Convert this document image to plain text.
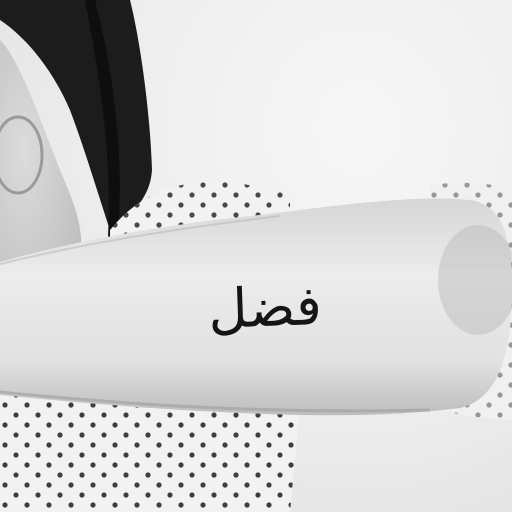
فضل
